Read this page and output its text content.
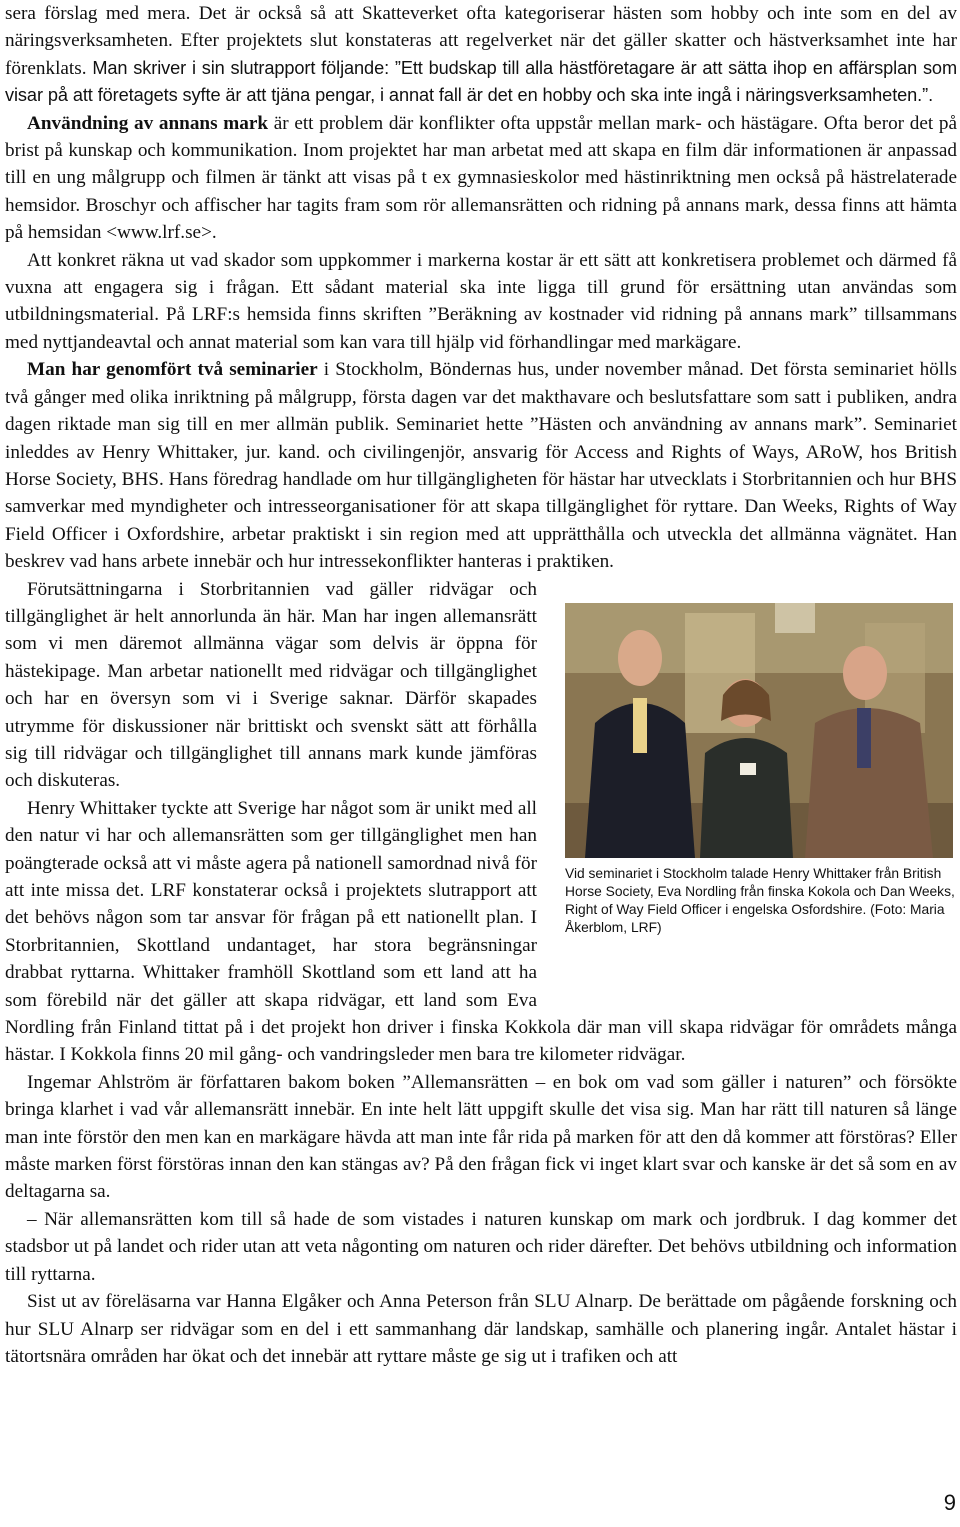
sera förslag med mera. Det är också så att Skatteverket ofta kategoriserar hästen som hobby och inte som en del av näringsverksamheten. Efter projektets slut konstateras att regelverket när det gäller skatter och hästverksamhet inte har förenklats. Man skriver i sin slutrapport följande: ”Ett budskap till alla hästföretagare är att sätta ihop en affärsplan som visar på att företagets syfte är att tjäna pengar, i annat fall är det en hobby och ska inte ingå i näringsverksamheten.”.

Användning av annans mark är ett problem där konflikter ofta uppstår mellan mark- och hästägare. Ofta beror det på brist på kunskap och kommunikation. Inom projektet har man arbetat med att skapa en film där informationen är anpassad till en ung målgrupp och filmen är tänkt att visas på t ex gymnasieskolor med hästinriktning men också på hästrelaterade hemsidor. Broschyr och affischer har tagits fram som rör allemansrätten och ridning på annans mark, dessa finns att hämta på hemsidan <www.lrf.se>.

Att konkret räkna ut vad skador som uppkommer i markerna kostar är ett sätt att konkretisera problemet och därmed få vuxna att engagera sig i frågan. Ett sådant material ska inte ligga till grund för ersättning utan användas som utbildningsmaterial. På LRF:s hemsida finns skriften ”Beräkning av kostnader vid ridning på annans mark” tillsammans med nyttjandeavtal och annat material som kan vara till hjälp vid förhandlingar med markägare.

Man har genomfört två seminarier i Stockholm, Böndernas hus, under november månad. Det första seminariet hölls två gånger med olika inriktning på målgrupp, första dagen var det makthavare och beslutsfattare som satt i publiken, andra dagen riktade man sig till en mer allmän publik. Seminariet hette ”Hästen och användning av annans mark”. Seminariet inleddes av Henry Whittaker, jur. kand. och civilingenjör, ansvarig för Access and Rights of Ways, ARoW, hos British Horse Society, BHS. Hans föredrag handlade om hur tillgängligheten för hästar har utvecklats i Storbritannien och hur BHS samverkar med myndigheter och intresseorganisationer för att skapa tillgänglighet för ryttare. Dan Weeks, Rights of Way Field Officer i Oxfordshire, arbetar praktiskt i sin region med att upprätthålla och utveckla det allmänna vägnätet. Han beskrev vad hans arbete innebär och hur intressekonflikter hanteras i praktiken.

Vid seminariet i Stockholm talade Henry Whittaker från British Horse Society, Eva Nordling från finska Kokola och Dan Weeks, Right of Way Field Officer i engelska Osfordshire. (Foto: Maria Åkerblom, LRF)

Förutsättningarna i Storbritannien vad gäller ridvägar och tillgänglighet är helt annorlunda än här. Man har ingen allemansrätt som vi men däremot allmänna vägar som delvis är öppna för hästekipage. Man arbetar nationellt med ridvägar och tillgänglighet och har en översyn som vi i Sverige saknar. Därför skapades utrymme för diskussioner när brittiskt och svenskt sätt att förhålla sig till ridvägar och tillgänglighet till annans mark kunde jämföras och diskuteras.

Henry Whittaker tyckte att Sverige har något som är unikt med all den natur vi har och allemansrätten som ger tillgänglighet men han poängterade också att vi måste agera på nationell samordnad nivå för att inte missa det. LRF konstaterar också i projektets slutrapport att det behövs någon som tar ansvar för frågan på ett nationellt plan. I Storbritannien, Skottland undantaget, har stora begränsningar drabbat ryttarna. Whittaker framhöll Skottland som ett land att ha som förebild när det gäller att skapa ridvägar, ett land som Eva Nordling från Finland tittat på i det projekt hon driver i finska Kokkola där man vill skapa ridvägar för områdets många hästar. I Kokkola finns 20 mil gång- och vandringsleder men bara tre kilometer ridvägar.

Ingemar Ahlström är författaren bakom boken ”Allemansrätten – en bok om vad som gäller i naturen” och försökte bringa klarhet i vad vår allemansrätt innebär. En inte helt lätt uppgift skulle det visa sig. Man har rätt till naturen så länge man inte förstör den men kan en markägare hävda att man inte får rida på marken för att den då kommer att förstöras? Eller måste marken först förstöras innan den kan stängas av? På den frågan fick vi inget klart svar och kanske är det så som en av deltagarna sa.

– När allemansrätten kom till så hade de som vistades i naturen kunskap om mark och jordbruk. I dag kommer det stadsbor ut på landet och rider utan att veta någonting om naturen och rider därefter. Det behövs utbildning och information till ryttarna.

Sist ut av föreläsarna var Hanna Elgåker och Anna Peterson från SLU Alnarp. De berättade om pågående forskning och hur SLU Alnarp ser ridvägar som en del i ett sammanhang där landskap, samhälle och planering ingår. Antalet hästar i tätortsnära områden har ökat och det innebär att ryttare måste ge sig ut i trafiken och att

9
